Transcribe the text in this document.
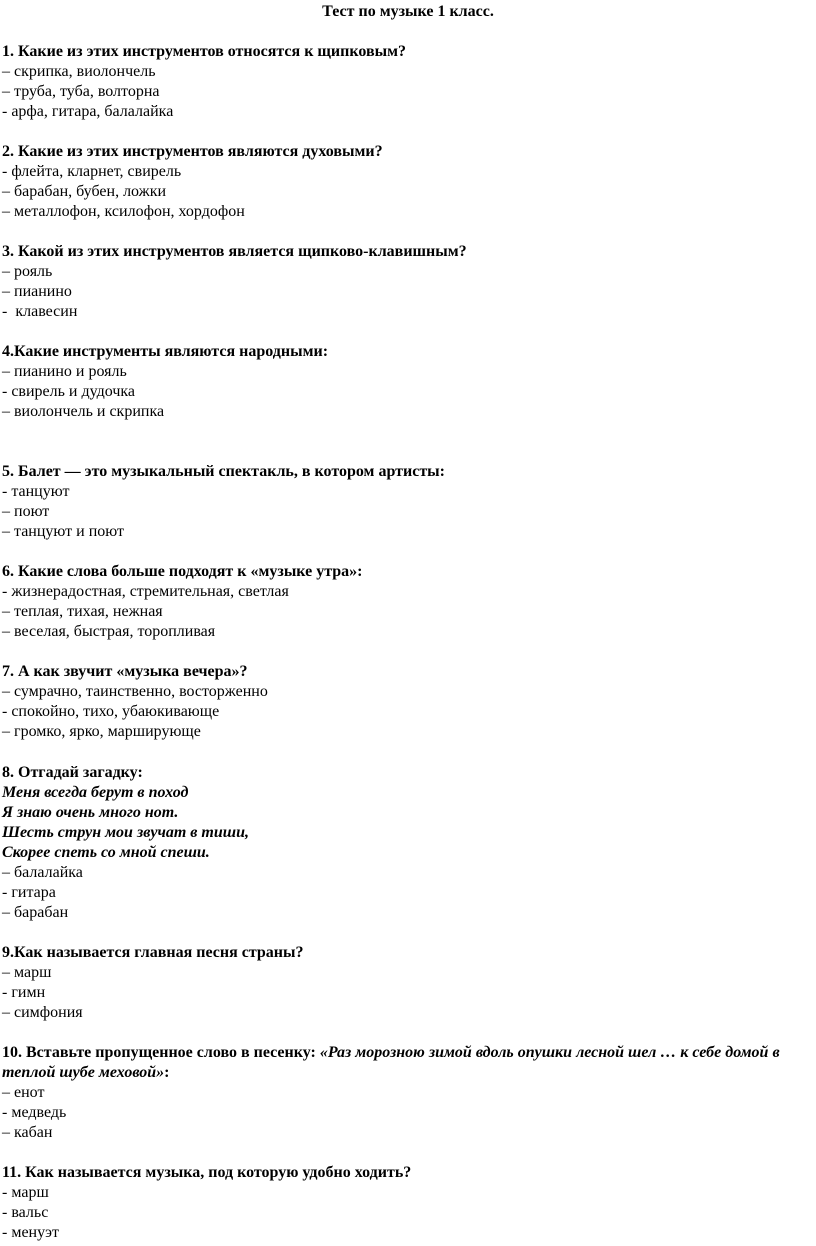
Тест по музыке 1 класс.
1. Какие из этих инструментов относятся к щипковым?
– скрипка, виолончель
– труба, туба, волторна
- арфа, гитара, балалайка
2. Какие из этих инструментов являются духовыми?
- флейта, кларнет, свирель
– барабан, бубен, ложки
– металлофон, ксилофон, хордофон
3. Какой из этих инструментов является щипково-клавишным?
– рояль
– пианино
-  клавесин
4.Какие инструменты являются народными:
– пианино и рояль
- свирель и дудочка
– виолончель и скрипка
5. Балет — это музыкальный спектакль, в котором артисты:
- танцуют
– поют
– танцуют и поют
6. Какие слова больше подходят к «музыке утра»:
- жизнерадостная, стремительная, светлая
– теплая, тихая, нежная
– веселая, быстрая, торопливая
7. А как звучит «музыка вечера»?
– сумрачно, таинственно, восторженно
- спокойно, тихо, убаюкивающе
– громко, ярко, марширующе
8. Отгадай загадку:
Меня всегда берут в поход
Я знаю очень много нот.
Шесть струн мои звучат в тиши,
Скорее спеть со мной спеши.
– балалайка
- гитара
– барабан
9.Как называется главная песня страны?
– марш
- гимн
– симфония
10. Вставьте пропущенное слово в песенку: «Раз морозною зимой вдоль опушки лесной шел … к себе домой в теплой шубе меховой»:
– енот
- медведь
– кабан
11. Как называется музыка, под которую удобно ходить?
- марш
- вальс
- менуэт
